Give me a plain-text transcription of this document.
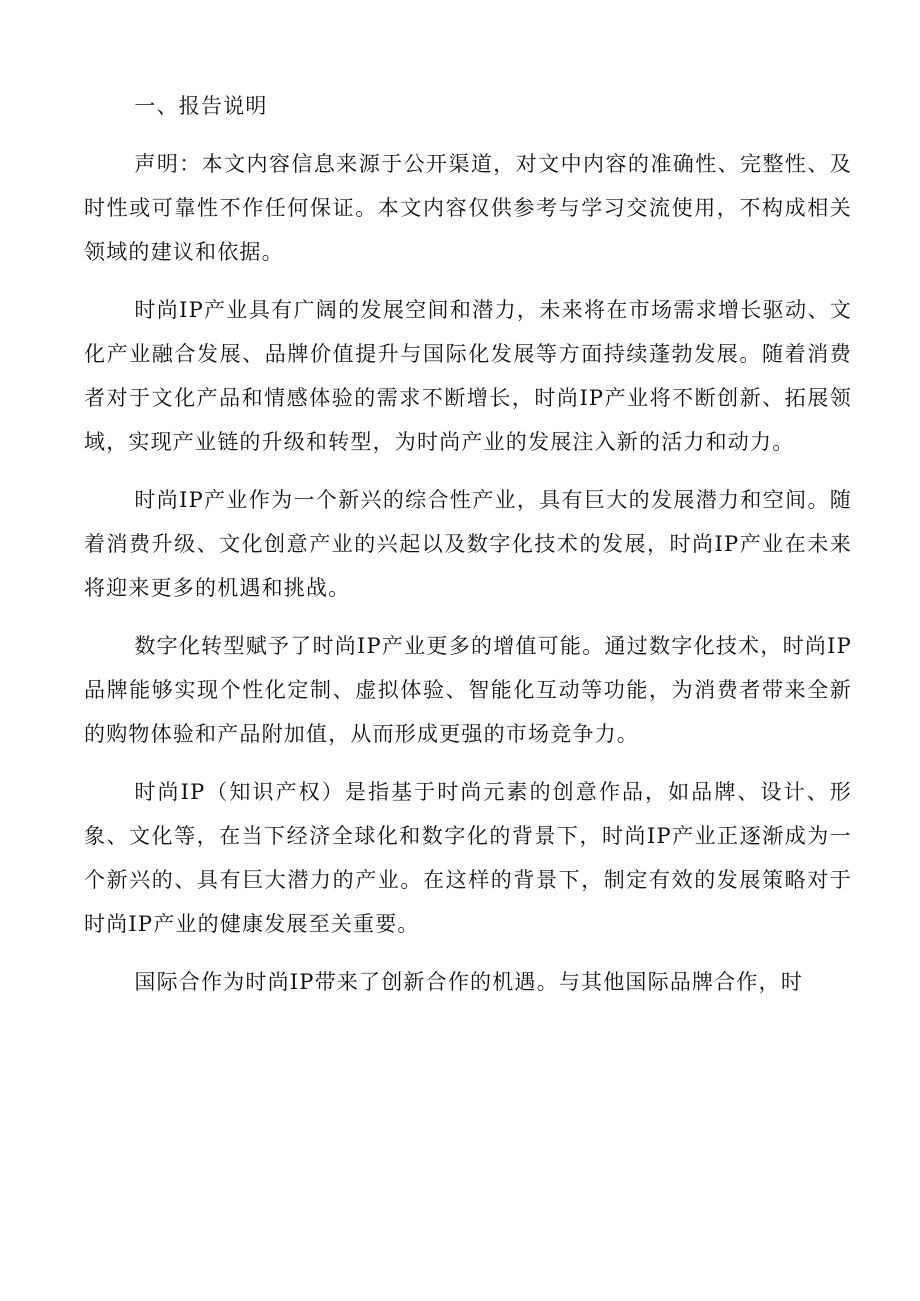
一、报告说明

声明：本文内容信息来源于公开渠道，对文中内容的准确性、完整性、及时性或可靠性不作任何保证。本文内容仅供参考与学习交流使用，不构成相关领域的建议和依据。

时尚IP产业具有广阔的发展空间和潜力，未来将在市场需求增长驱动、文化产业融合发展、品牌价值提升与国际化发展等方面持续蓬勃发展。随着消费者对于文化产品和情感体验的需求不断增长，时尚IP产业将不断创新、拓展领域，实现产业链的升级和转型，为时尚产业的发展注入新的活力和动力。

时尚IP产业作为一个新兴的综合性产业，具有巨大的发展潜力和空间。随着消费升级、文化创意产业的兴起以及数字化技术的发展，时尚IP产业在未来将迎来更多的机遇和挑战。

数字化转型赋予了时尚IP产业更多的增值可能。通过数字化技术，时尚IP品牌能够实现个性化定制、虚拟体验、智能化互动等功能，为消费者带来全新的购物体验和产品附加值，从而形成更强的市场竞争力。

时尚IP（知识产权）是指基于时尚元素的创意作品，如品牌、设计、形象、文化等，在当下经济全球化和数字化的背景下，时尚IP产业正逐渐成为一个新兴的、具有巨大潜力的产业。在这样的背景下，制定有效的发展策略对于时尚IP产业的健康发展至关重要。

国际合作为时尚IP带来了创新合作的机遇。与其他国际品牌合作，时
